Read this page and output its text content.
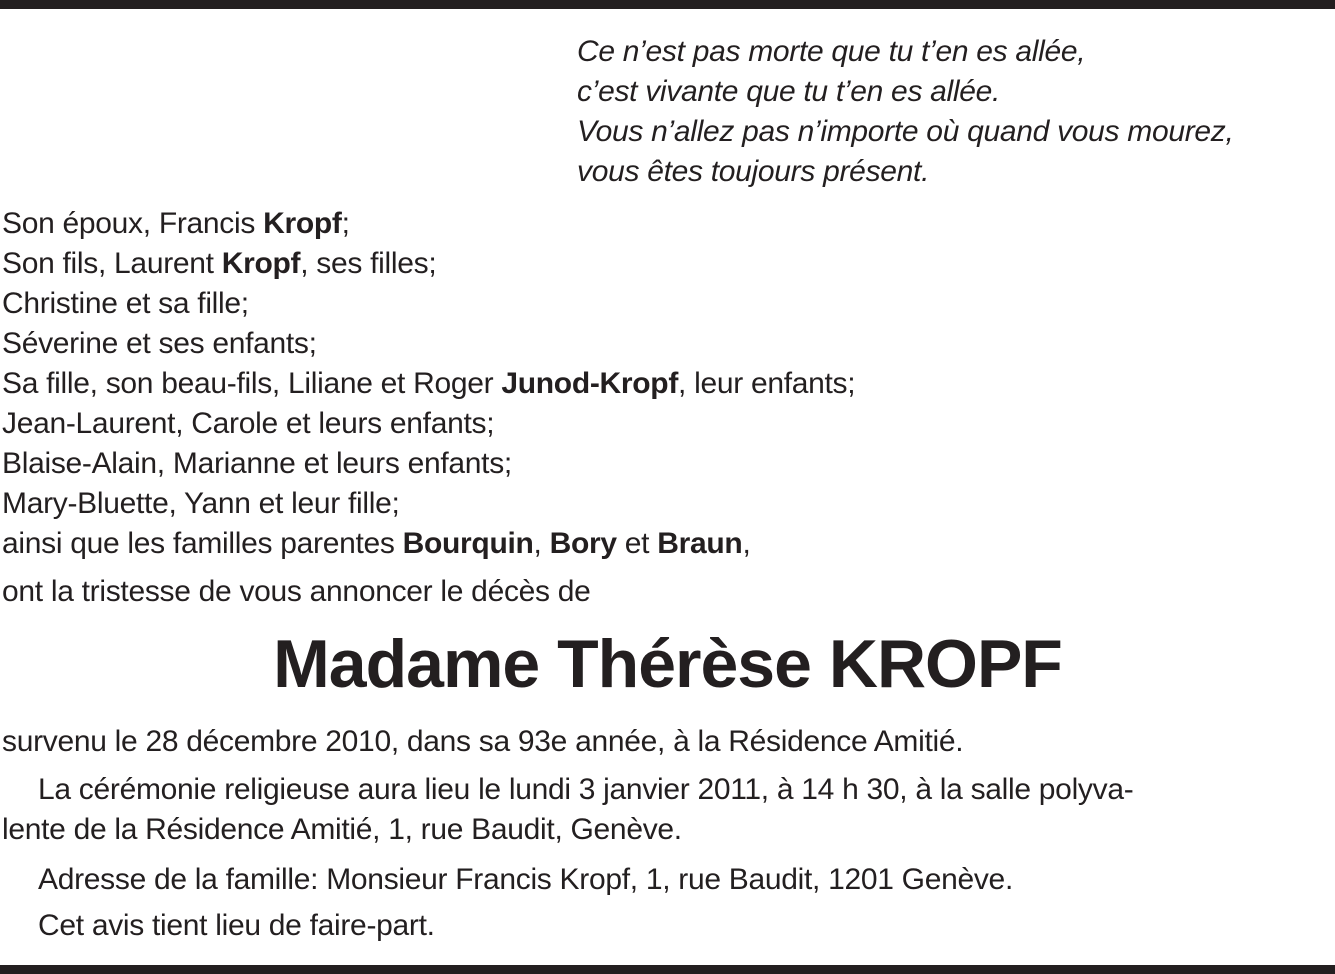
Ce n’est pas morte que tu t’en es allée,
c’est vivante que tu t’en es allée.
Vous n’allez pas n’importe où quand vous mourez,
vous êtes toujours présent.
Son époux, Francis Kropf;
Son fils, Laurent Kropf, ses filles;
Christine et sa fille;
Séverine et ses enfants;
Sa fille, son beau-fils, Liliane et Roger Junod-Kropf, leur enfants;
Jean-Laurent, Carole et leurs enfants;
Blaise-Alain, Marianne et leurs enfants;
Mary-Bluette, Yann et leur fille;
ainsi que les familles parentes Bourquin, Bory et Braun,
ont la tristesse de vous annoncer le décès de
Madame Thérèse KROPF
survenu le 28 décembre 2010, dans sa 93e année, à la Résidence Amitié.
La cérémonie religieuse aura lieu le lundi 3 janvier 2011, à 14 h 30, à la salle polyva-
lente de la Résidence Amitié, 1, rue Baudit, Genève.
Adresse de la famille: Monsieur Francis Kropf, 1, rue Baudit, 1201 Genève.
Cet avis tient lieu de faire-part.
